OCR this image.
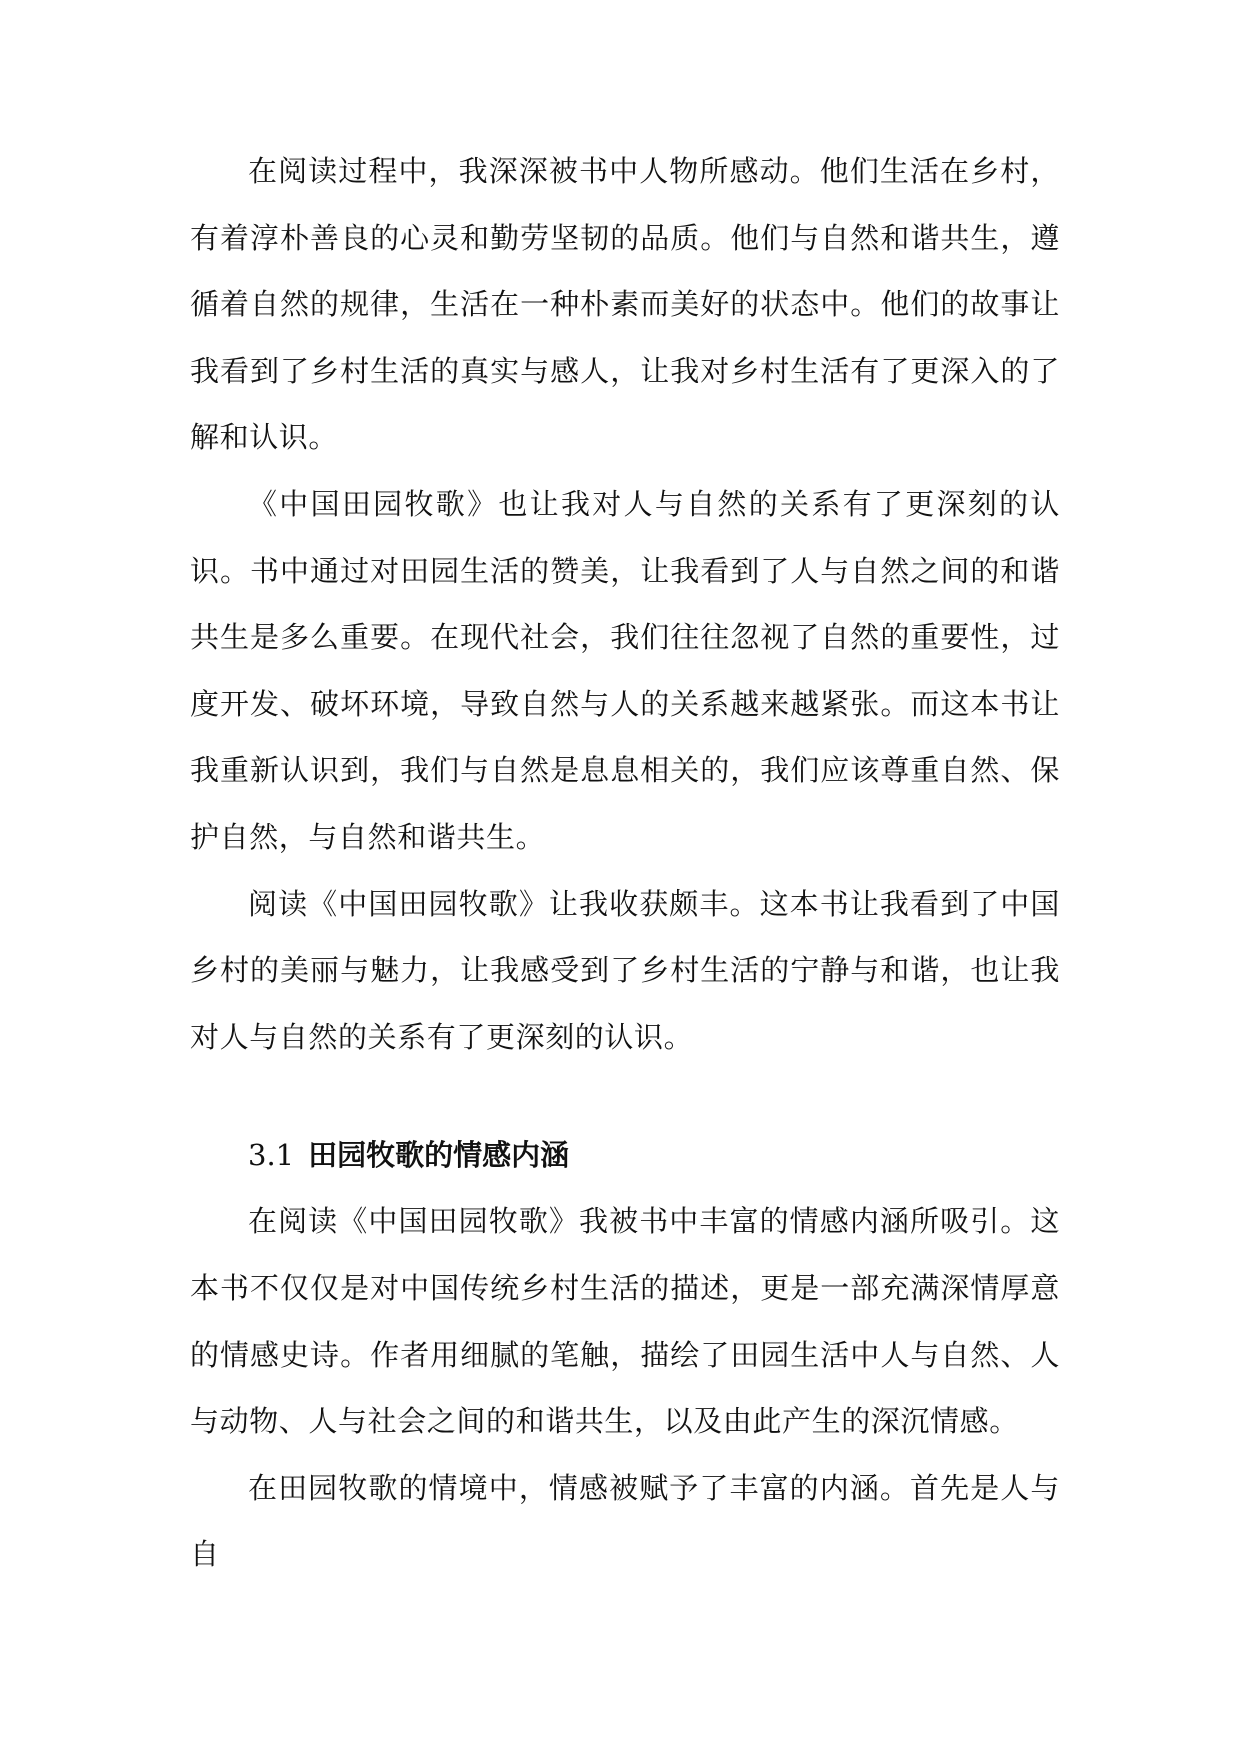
在阅读过程中，我深深被书中人物所感动。他们生活在乡村，有着淳朴善良的心灵和勤劳坚韧的品质。他们与自然和谐共生，遵循着自然的规律，生活在一种朴素而美好的状态中。他们的故事让我看到了乡村生活的真实与感人，让我对乡村生活有了更深入的了解和认识。

《中国田园牧歌》也让我对人与自然的关系有了更深刻的认识。书中通过对田园生活的赞美，让我看到了人与自然之间的和谐共生是多么重要。在现代社会，我们往往忽视了自然的重要性，过度开发、破坏环境，导致自然与人的关系越来越紧张。而这本书让我重新认识到，我们与自然是息息相关的，我们应该尊重自然、保护自然，与自然和谐共生。

阅读《中国田园牧歌》让我收获颇丰。这本书让我看到了中国乡村的美丽与魅力，让我感受到了乡村生活的宁静与和谐，也让我对人与自然的关系有了更深刻的认识。

3.1 田园牧歌的情感内涵

在阅读《中国田园牧歌》我被书中丰富的情感内涵所吸引。这本书不仅仅是对中国传统乡村生活的描述，更是一部充满深情厚意的情感史诗。作者用细腻的笔触，描绘了田园生活中人与自然、人与动物、人与社会之间的和谐共生，以及由此产生的深沉情感。

在田园牧歌的情境中，情感被赋予了丰富的内涵。首先是人与自
